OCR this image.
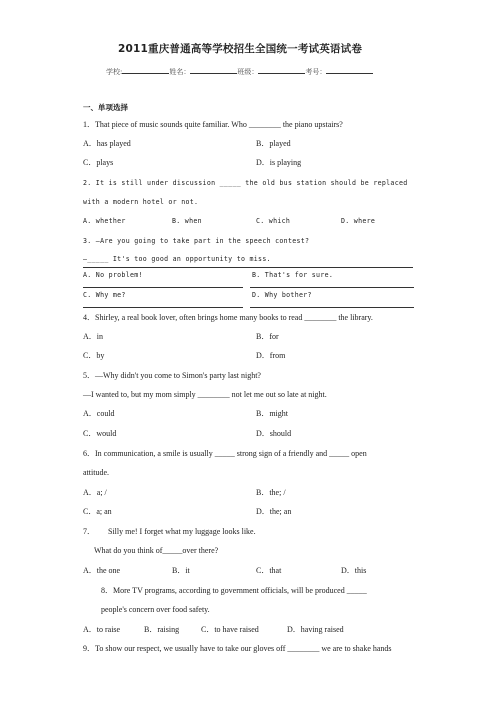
2011重庆普通高等学校招生全国统一考试英语试卷
学校:	姓名：	班级：	考号：
一、单项选择
1．That piece of music sounds quite familiar. Who ________ the piano upstairs?
A．has played	B．played
C．plays	D．is playing
2. It is still under discussion _____ the old bus station should be replaced
with a modern hotel or not.
A. whether	B. when	C. which	D. where
3. —Are you going to take part in the speech contest?
—_____ It's too good an opportunity to miss.
A. No problem!	B. That's for sure.
C. Why me?	D. Why bother?
4．Shirley, a real book lover, often brings home many books to read ________ the library.
A．in	B．for
C．by	D．from
5．—Why didn't you come to Simon's party last night?
—I wanted to, but my mom simply ________ not let me out so late at night.
A．could	B．might
C．would	D．should
6．In communication, a smile is usually _____ strong sign of a friendly and _____ open
attitude.
A．a; /	B．the; /
C．a; an	D．the; an
7． Silly me! I forget what my luggage looks like.
What do you think of_____over there?
A．the one	B．it	C．that	D．this
8．More TV programs, according to government officials, will be produced _____
people's concern over food safety.
A．to raise	B．raising	C．to have raised	D．having raised
9．To show our respect, we usually have to take our gloves off ________ we are to shake hands
